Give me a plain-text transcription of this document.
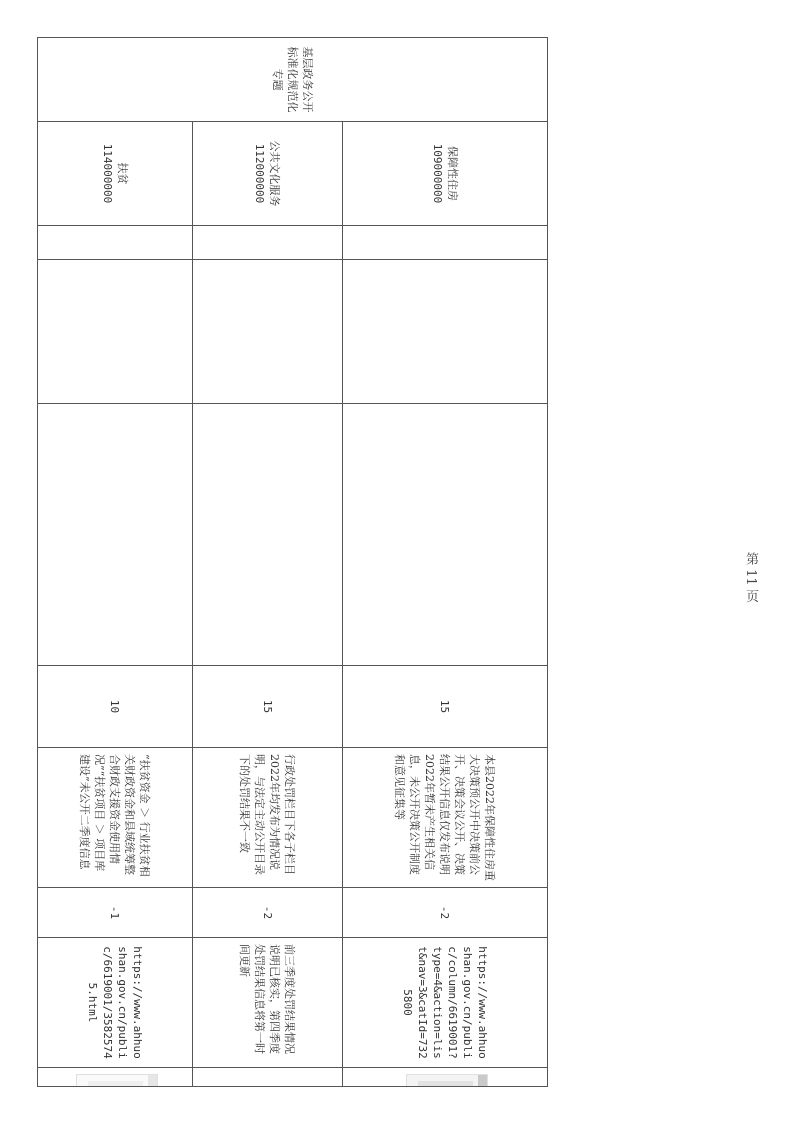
基层政务公开标准化规范化专题	保障性住房
109000000				15	本县2022年保障性住房重大决策预公开中决策前公开、决策会议公开、决策结果公开信息仅发布说明2022年暂未产生相关信息，未公开决策公开制度和意见征集等	-2	https://www.ahhuoshan.gov.cn/public/column/6619001?type=4&action=list&nav=3&catId=7325800	

	公共文化服务
112000000				15	行政处罚栏目下各子栏目2022年均发布为情况说明，与法定主动公开目录下的处罚结果不一致	-2	前三季度处罚结果情况说明已核实，第四季度处罚结果信息将第一时间更新	

	扶贫
114000000				10	“扶贫资金 ＞ 行业扶贫相关财政资金和县域统筹整合财政支援资金使用情况”“扶贫项目 ＞ 项目库建设”未公开二季度信息	-1	https://www.ahhuoshan.gov.cn/public/6619001/35825745.html	
第 11 页
